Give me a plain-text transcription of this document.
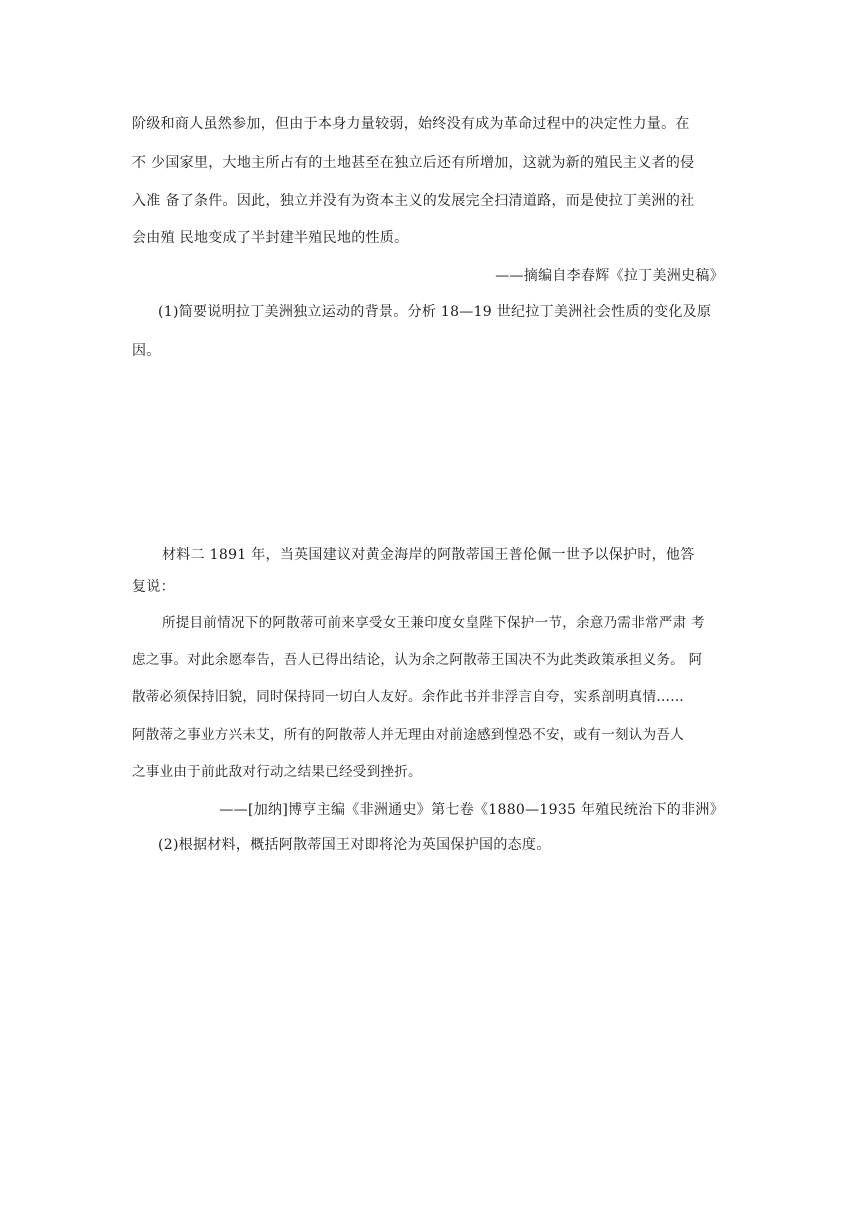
阶级和商人虽然参加，但由于本身力量较弱，始终没有成为革命过程中的决定性力量。在
不 少国家里，大地主所占有的土地甚至在独立后还有所增加，这就为新的殖民主义者的侵
入准 备了条件。因此，独立并没有为资本主义的发展完全扫清道路，而是使拉丁美洲的社
会由殖 民地变成了半封建半殖民地的性质。
——摘编自李春辉《拉丁美洲史稿》
(1)简要说明拉丁美洲独立运动的背景。分析 18—19 世纪拉丁美洲社会性质的变化及原
因。
材料二 1891 年，当英国建议对黄金海岸的阿散蒂国王普伦佩一世予以保护时，他答
复说：
所提目前情况下的阿散蒂可前来享受女王兼印度女皇陛下保护一节，余意乃需非常严肃 考
虑之事。对此余愿奉告，吾人已得出结论，认为余之阿散蒂王国决不为此类政策承担义务。 阿
散蒂必须保持旧貌，同时保持同一切白人友好。余作此书并非浮言自夸，实系剖明真情……
阿散蒂之事业方兴未艾，所有的阿散蒂人并无理由对前途感到惶恐不安，或有一刻认为吾人
之事业由于前此敌对行动之结果已经受到挫折。
——[加纳]博亨主编《非洲通史》第七卷《1880—1935 年殖民统治下的非洲》
(2)根据材料，概括阿散蒂国王对即将沦为英国保护国的态度。
